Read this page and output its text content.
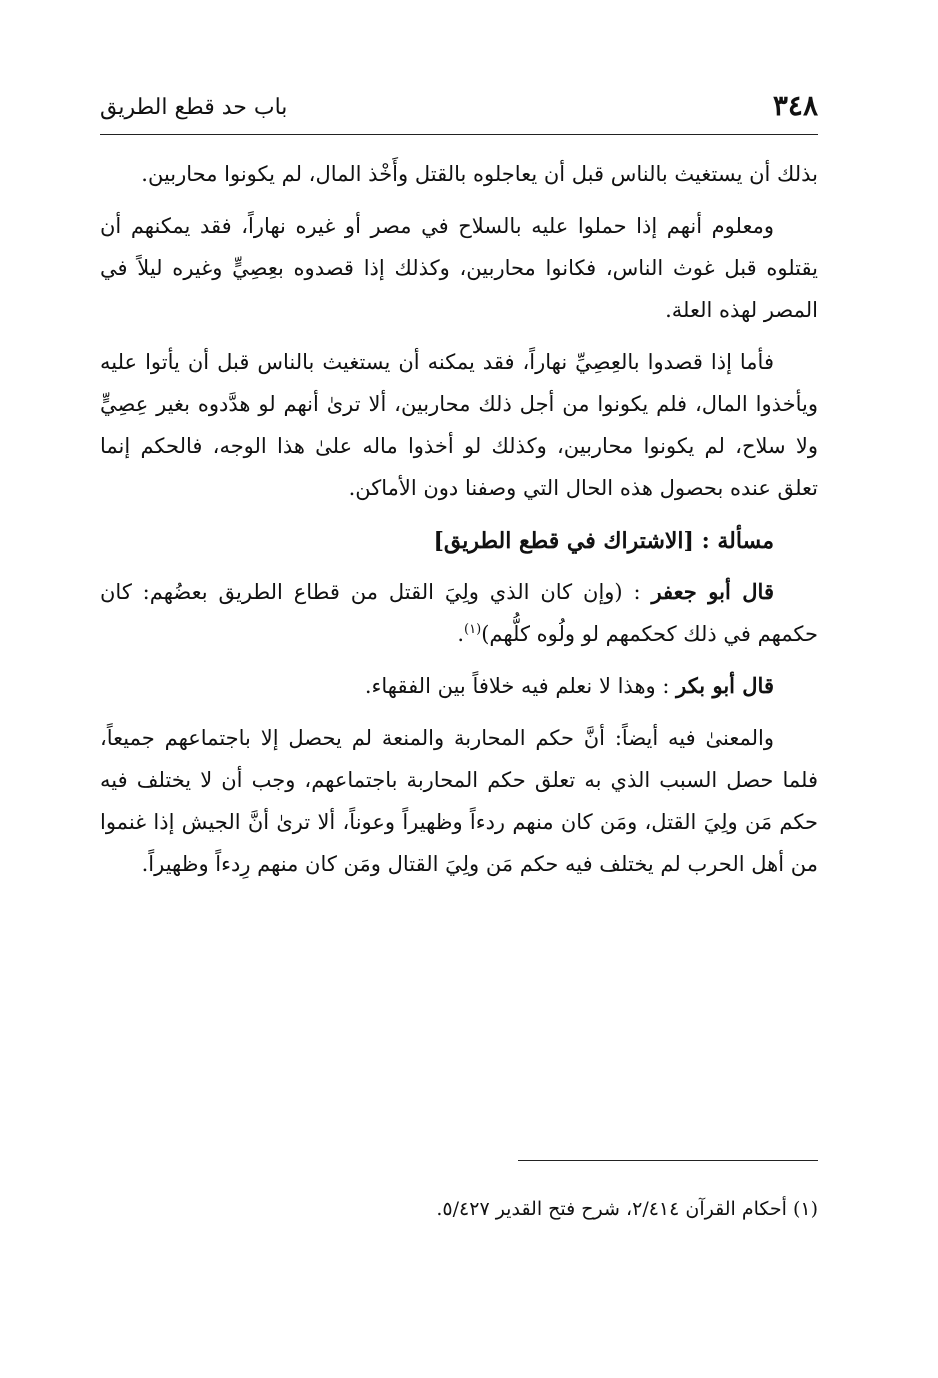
٣٤٨
باب حد قطع الطريق

بذلك أن يستغيث بالناس قبل أن يعاجلوه بالقتل وأَخْذ المال، لم يكونوا محاربين.

ومعلوم أنهم إذا حملوا عليه بالسلاح في مصر أو غيره نهاراً، فقد يمكنهم أن يقتلوه قبل غوث الناس، فكانوا محاربين، وكذلك إذا قصدوه بعِصِيٍّ وغيره ليلاً في المصر لهذه العلة.

فأما إذا قصدوا بالعِصِيِّ نهاراً، فقد يمكنه أن يستغيث بالناس قبل أن يأتوا عليه ويأخذوا المال، فلم يكونوا من أجل ذلك محاربين، ألا ترىٰ أنهم لو هدَّدوه بغير عِصِيٍّ ولا سلاح، لم يكونوا محاربين، وكذلك لو أخذوا ماله علىٰ هذا الوجه، فالحكم إنما تعلق عنده بحصول هذه الحال التي وصفنا دون الأماكن.

مسألة : [الاشتراك في قطع الطريق]

قال أبو جعفر : (وإن كان الذي ولِيَ القتل من قطاع الطريق بعضُهم: كان حكمهم في ذلك كحكمهم لو ولُوه كلُّهم)$^{(١)}$.

قال أبو بكر : وهذا لا نعلم فيه خلافاً بين الفقهاء.

والمعنىٰ فيه أيضاً: أنَّ حكم المحاربة والمنعة لم يحصل إلا باجتماعهم جميعاً، فلما حصل السبب الذي به تعلق حكم المحاربة باجتماعهم، وجب أن لا يختلف فيه حكم مَن ولِيَ القتل، ومَن كان منهم ردءاً وظهيراً وعوناً، ألا ترىٰ أنَّ الجيش إذا غنموا من أهل الحرب لم يختلف فيه حكم مَن ولِيَ القتال ومَن كان منهم رِدءاً وظهيراً.

(١) أحكام القرآن ٢/٤١٤، شرح فتح القدير ٥/٤٢٧.
